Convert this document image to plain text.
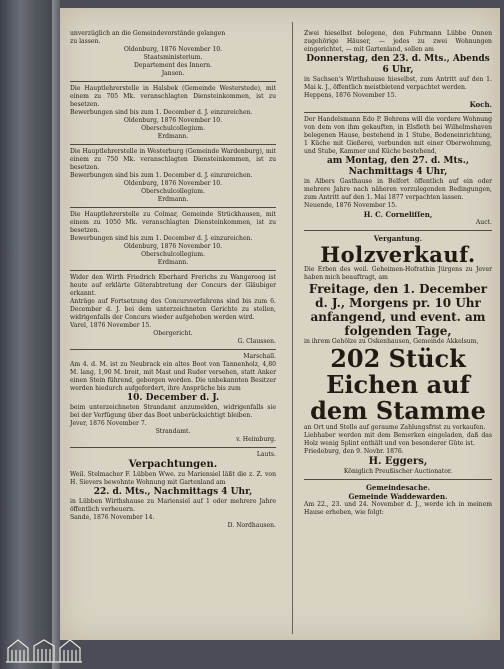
unverzüglich an die Gemeindevorstände gelangen

zu lassen.

Oldenburg, 1876 November 10.

Staatsministerium.

Departement des Innern.

Jansen.

Die Hauptlehrerstelle in Halsbek (Gemeinde Westerstede), mit einem zu 705 Mk. veranschlagten Diensteinkommen, ist zu besetzen.

Bewerbungen sind bis zum 1. December d. J. einzureichen.

Oldenburg, 1876 November 10.

Oberschulcollegium.

Erdmann.

Die Hauptlehrerstelle in Westerburg (Gemeinde Wardenburg), mit einem zu 750 Mk. veranschlagten Diensteinkommen, ist zu besetzen.

Bewerbungen sind bis zum 1. December d. J. einzureichen.

Oldenburg, 1876 November 10.

Oberschulcollegium.

Erdmann.

Die Hauptlehrerstelle zu Colmar, Gemeinde Strückhausen, mit einem zu 1050 Mk. veranschlagten Diensteinkommen, ist zu besetzen.

Bewerbungen sind bis zum 1. December d. J. einzureichen.

Oldenburg, 1876 November 10.

Oberschulcollegium.

Erdmann.

Wider den Wirth Friedrich Eberhard Frerichs zu Wangeroog ist heute auf erklärte Güterabtretung der Concurs der Gläubiger erkannt.

Anträge auf Fortsetzung des Concursverfahrens sind bis zum 6. December d. J. bei dem unterzeichneten Gerichte zu stellen, widrigenfalls der Concurs wieder aufgehoben werden wird.

Varel, 1876 November 15.

Obergericht.

G. Claussen.

Marschall.

Am 4. d. M. ist zu Neubrack ein altes Boot von Tannenholz, 4,80 M. lang, 1,90 M. breit, mit Mast und Ruder versehen, statt Anker einen Stein führend, geborgen worden. Die unbekannten Besitzer werden hiedurch aufgefordert, ihre Ansprüche bis zum

10. December d. J.

beim unterzeichneten Strandamt anzumelden, widrigenfalls sie bei der Verfügung über das Boot unberücksichtigt bleiben.

Jever, 1876 November 7.

Strandamt.

v. Heimburg.

Lauts.

Verpachtungen.

Weil. Stelmacher F. Lübben Wwe. zu Mariensiel läßt die z. Z. von H. Sievers bewohnte Wohnung mit Gartenland am

22. d. Mts., Nachmittags 4 Uhr,

in Lübben Wirthshause zu Mariensiel auf 1 oder mehrere Jahre öffentlich verheuern.

Sande, 1876 November 14.

D. Nordhausen.

Zwei hieselbst belegene, den Fuhrmann Lübbe Onnen zugehörige Häuser, — jedes zu zwei Wohnungen eingerichtet, — mit Gartenland, sollen am

Donnerstag, den 23. d. Mts., Abends 6 Uhr,

in Sachsen's Wirthshause hieselbst, zum Antritt auf den 1. Mai k. J., öffentlich meistbietend verpachtet werden.

Heppens, 1876 November 15.

Koch.

Der Handelsmann Edo P. Behrens will die vordere Wohnung von dem von ihm gekauften, in Elsfleth bei Wilhelmshaven belegenen Hause, bestehend in 1 Stube, Bodeneinrichtung, 1 Küche mit Gießerei, verbunden mit einer Oberwohnung, und Stube, Kammer und Küche bestehend,

am Montag, den 27. d. Mts., Nachmittags 4 Uhr,

in Albers Gasthause in Belfort öffentlich auf ein oder mehrere Jahre nach näheren vorzulegenden Bedingungen, zum Antritt auf den 1. Mai 1877 verpachten lassen.

Neuende, 1876 November 15.

H. C. Corneliſſen,

Auct.

Vergantung.

Holzverkauf.

Die Erben des weil. Geheimen-Hofrathin Jürgens zu Jever haben mich beauftragt, am

Freitage, den 1. December d. J., Morgens pr. 10 Uhr anfangend, und event. am folgenden Tage,

in ihrem Gehölze zu Oskenhausen, Gemeinde Akkelsum,

202 Stück Eichen auf dem Stamme

an Ort und Stelle auf geraume Zahlungsfrist zu verkaufen.

Liebhaber werden mit dem Bemerken eingeladen, daß das Holz wenig Splint enthält und von besonderer Güte ist.

Friedeburg, den 9. Novbr. 1876.

H. Eggers,

Königlich Preußischer Auctionator.

Gemeindesache.

Gemeinde Waddewarden.

Am 22., 23. und 24. November d. J., werde ich in meinem Hause erheben, wie folgt:
